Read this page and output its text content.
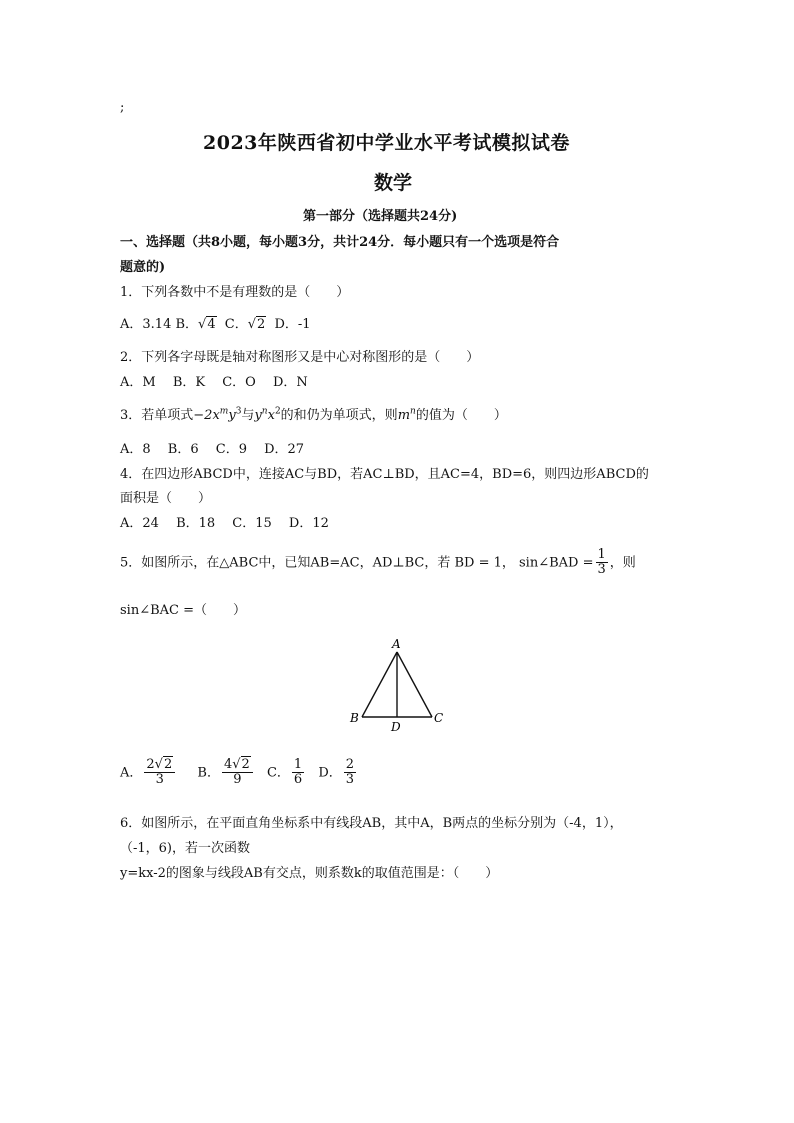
;
2023年陕西省初中学业水平考试模拟试卷
数学
第一部分（选择题共24分)
一、选择题（共8小题，每小题3分，共计24分．每小题只有一个选项是符合
题意的)
1．下列各数中不是有理数的是（　　）
A．3.14 B．√4 C．√2 D．-1
2．下列各字母既是轴对称图形又是中心对称图形的是（　　）
A．M　 B．K　 C．O　 D．N
3．若单项式$-2x^my^3$与$y^nx^2$的和仍为单项式，则$m^n$的值为（　　）
A．8　 B．6　 C．9　 D．27
4．在四边形ABCD中，连接AC与BD，若AC⊥BD，且AC=4，BD=6，则四边形ABCD的
面积是（　　）
A．24　 B．18　 C．15　 D．12
5．如图所示，在△ABC中，已知AB=AC，AD⊥BC，若 BD = 1， sin∠BAD = $\frac{1}{3}$ ，则
sin∠BAC =（　　）
A
B	C
D
A． $\frac{2√2}{3}$ B． $\frac{4√2}{9}$ C． $\frac{1}{6}$ D． $\frac{2}{3}$
6．如图所示，在平面直角坐标系中有线段AB，其中A，B两点的坐标分别为（-4，1），
（-1，6)，若一次函数
y=kx-2的图象与线段AB有交点，则系数k的取值范围是：（　　）
